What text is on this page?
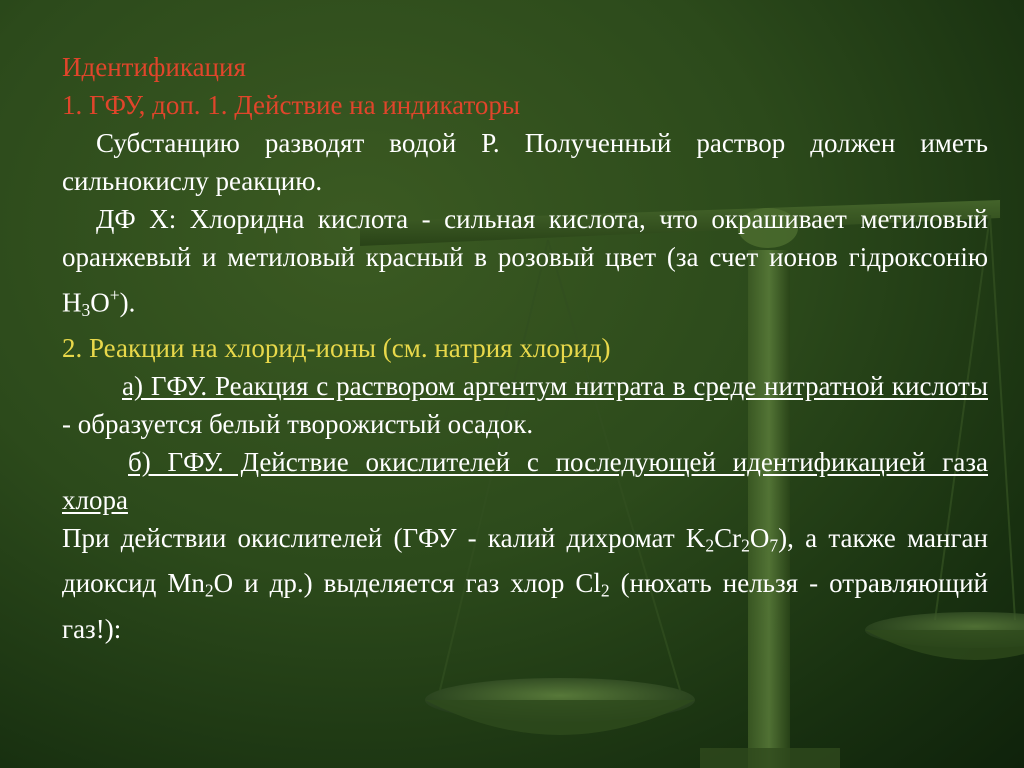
Идентификация
1. ГФУ, доп. 1. Действие на индикаторы

Субстанцию разводят водой Р. Полученный раствор должен иметь сильнокислу реакцию.

ДФ Х: Хлоридна кислота - сильная кислота, что окрашивает метиловый оранжевый и метиловый красный в розовый цвет (за счет ионов гідроксонію $H_3O^+$).

2. Реакции на хлорид-ионы (см. натрия хлорид)

а) ГФУ. Реакция с раствором аргентум нитрата в среде нитратной кислоты - образуется белый творожистый осадок.

б) ГФУ. Действие окислителей с последующей идентификацией газа хлора

При действии окислителей (ГФУ - калий дихромат $K_2Cr_2O_7$), а также манган диоксид $Mn_2O$ и др.) выделяется газ хлор $Cl_2$ (нюхать нельзя - отравляющий газ!):
